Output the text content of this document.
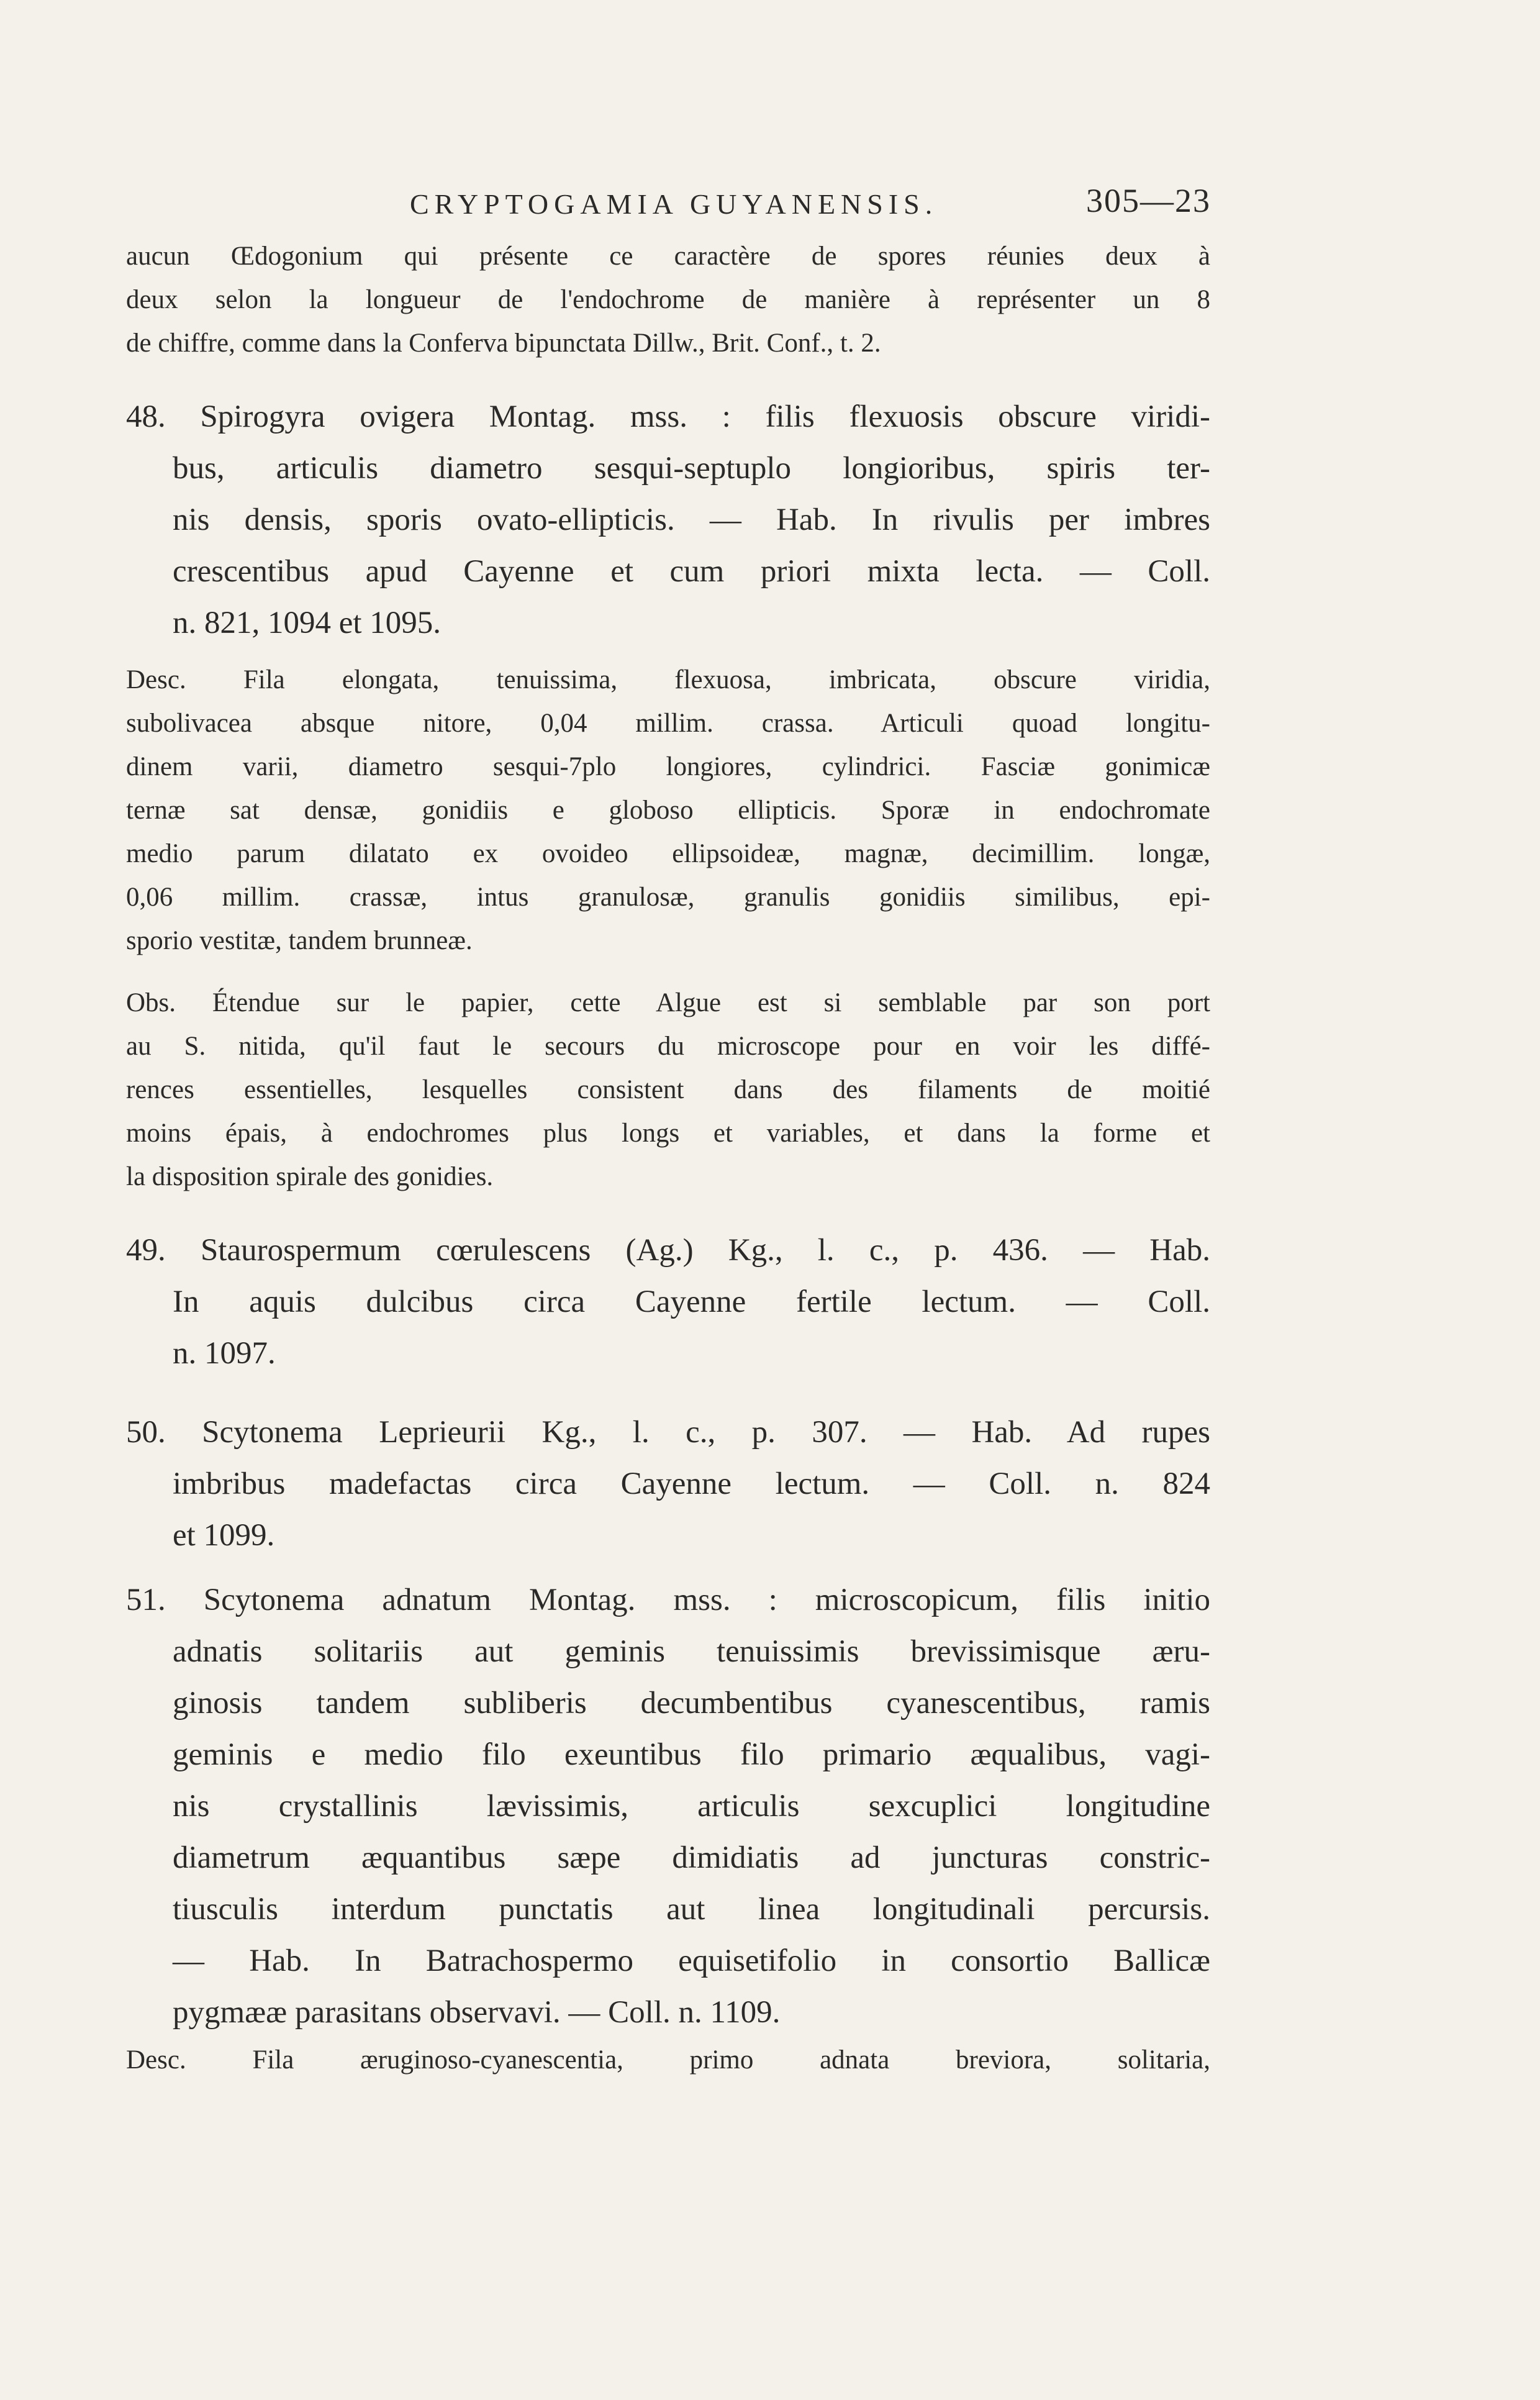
CRYPTOGAMIA GUYANENSIS.	305—23
aucun Œdogonium qui présente ce caractère de spores réunies deux à
deux selon la longueur de l'endochrome de manière à représenter un 8
de chiffre, comme dans la Conferva bipunctata Dillw., Brit. Conf., t. 2.
48. Spirogyra ovigera Montag. mss. : filis flexuosis obscure viridi-
bus, articulis diametro sesqui-septuplo longioribus, spiris ter-
nis densis, sporis ovato-ellipticis. — Hab. In rivulis per imbres
crescentibus apud Cayenne et cum priori mixta lecta. — Coll.
n. 821, 1094 et 1095.
Desc. Fila elongata, tenuissima, flexuosa, imbricata, obscure viridia,
subolivacea absque nitore, 0,04 millim. crassa. Articuli quoad longitu-
dinem varii, diametro sesqui-7plo longiores, cylindrici. Fasciæ gonimicæ
ternæ sat densæ, gonidiis e globoso ellipticis. Sporæ in endochromate
medio parum dilatato ex ovoideo ellipsoideæ, magnæ, decimillim. longæ,
0,06 millim. crassæ, intus granulosæ, granulis gonidiis similibus, epi-
sporio vestitæ, tandem brunneæ.
Obs. Étendue sur le papier, cette Algue est si semblable par son port
au S. nitida, qu'il faut le secours du microscope pour en voir les diffé-
rences essentielles, lesquelles consistent dans des filaments de moitié
moins épais, à endochromes plus longs et variables, et dans la forme et
la disposition spirale des gonidies.
49. Staurospermum cœrulescens (Ag.) Kg., l. c., p. 436. — Hab.
In aquis dulcibus circa Cayenne fertile lectum. — Coll.
n. 1097.
50. Scytonema Leprieurii Kg., l. c., p. 307. — Hab. Ad rupes
imbribus madefactas circa Cayenne lectum. — Coll. n. 824
et 1099.
51. Scytonema adnatum Montag. mss. : microscopicum, filis initio
adnatis solitariis aut geminis tenuissimis brevissimisque æru-
ginosis tandem subliberis decumbentibus cyanescentibus, ramis
geminis e medio filo exeuntibus filo primario æqualibus, vagi-
nis crystallinis lævissimis, articulis sexcuplici longitudine
diametrum æquantibus sæpe dimidiatis ad juncturas constric-
tiusculis interdum punctatis aut linea longitudinali percursis.
— Hab. In Batrachospermo equisetifolio in consortio Ballicæ
pygmææ parasitans observavi. — Coll. n. 1109.
Desc. Fila æruginoso-cyanescentia, primo adnata breviora, solitaria,
